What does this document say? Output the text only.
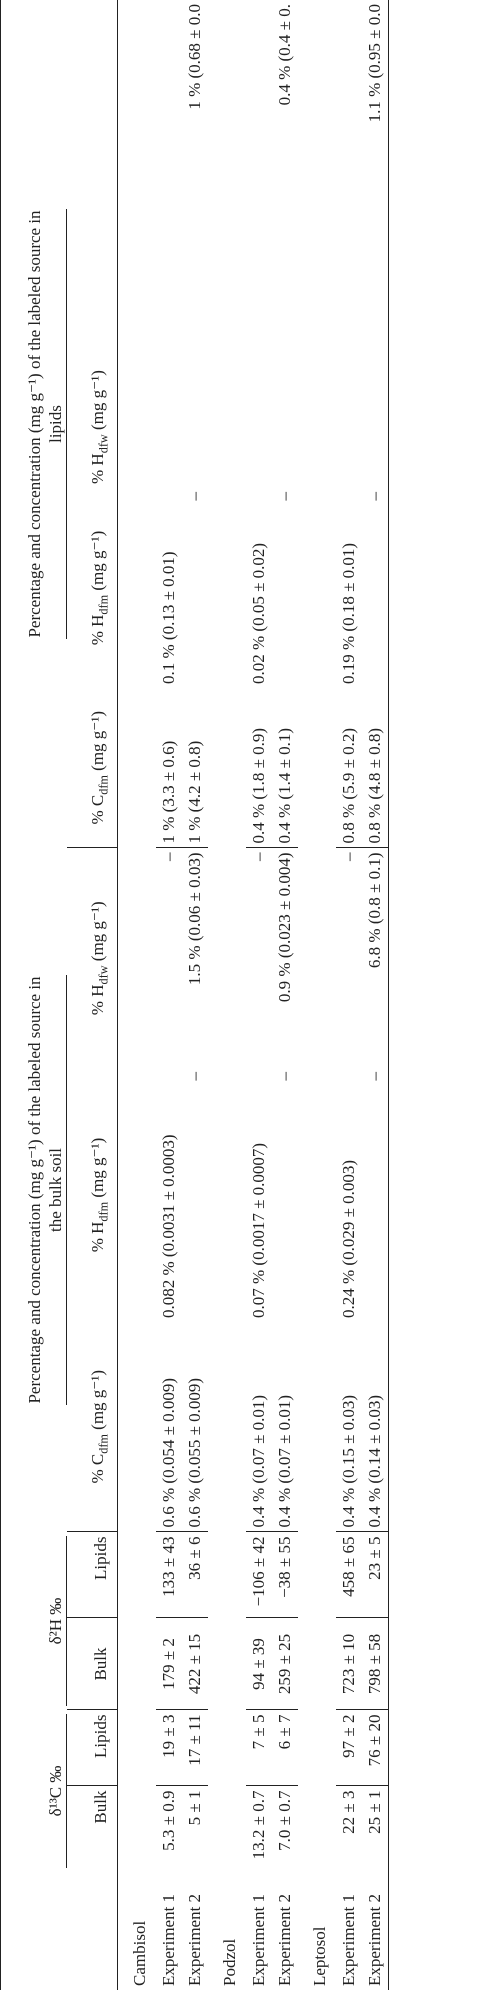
	δ¹³C ‰		δ²H ‰		Percentage and concentration (mg g⁻¹) of the labeled source in the bulk soil			Percentage and concentration (mg g⁻¹) of the labeled source in lipids		

	Bulk	Lipids	Bulk	Lipids	% $C_{dfm}$ (mg g⁻¹)	% $H_{dfm}$ (mg g⁻¹)	% $H_{dfw}$ (mg g⁻¹)	% $C_{dfm}$ (mg g⁻¹)	% $H_{dfm}$ (mg g⁻¹)	% $H_{dfw}$ (mg g⁻¹)
Cambisol										
Experiment 1	5.3 ± 0.9	19 ± 3	179 ± 2	133 ± 43	0.6 % (0.054 ± 0.009)	0.082 % (0.0031 ± 0.0003)	–	1 % (3.3 ± 0.6)	0.1 % (0.13 ± 0.01)	
Experiment 2	5 ± 1	17 ± 11	422 ± 15	36 ± 6	0.6 % (0.055 ± 0.009)	–	1.5 % (0.06 ± 0.03)	1 % (4.2 ± 0.8)	–	1 % (0.68 ± 0.0
Podzol										
Experiment 1	13.2 ± 0.7	7 ± 5	94 ± 39	−106 ± 42	0.4 % (0.07 ± 0.01)	0.07 % (0.0017 ± 0.0007)	–	0.4 % (1.8 ± 0.9)	0.02 % (0.05 ± 0.02)	
Experiment 2	7.0 ± 0.7	6 ± 7	259 ± 25	−38 ± 55	0.4 % (0.07 ± 0.01)	–	0.9 % (0.023 ± 0.004)	0.4 % (1.4 ± 0.1)	–	0.4 % (0.4 ± 0.
Leptosol										
Experiment 1	22 ± 3	97 ± 2	723 ± 10	458 ± 65	0.4 % (0.15 ± 0.03)	0.24 % (0.029 ± 0.003)	–	0.8 % (5.9 ± 0.2)	0.19 % (0.18 ± 0.01)	
Experiment 2	25 ± 1	76 ± 20	798 ± 58	23 ± 5	0.4 % (0.14 ± 0.03)	–	6.8 % (0.8 ± 0.1)	0.8 % (4.8 ± 0.8)	–	1.1 % (0.95 ± 0.0
